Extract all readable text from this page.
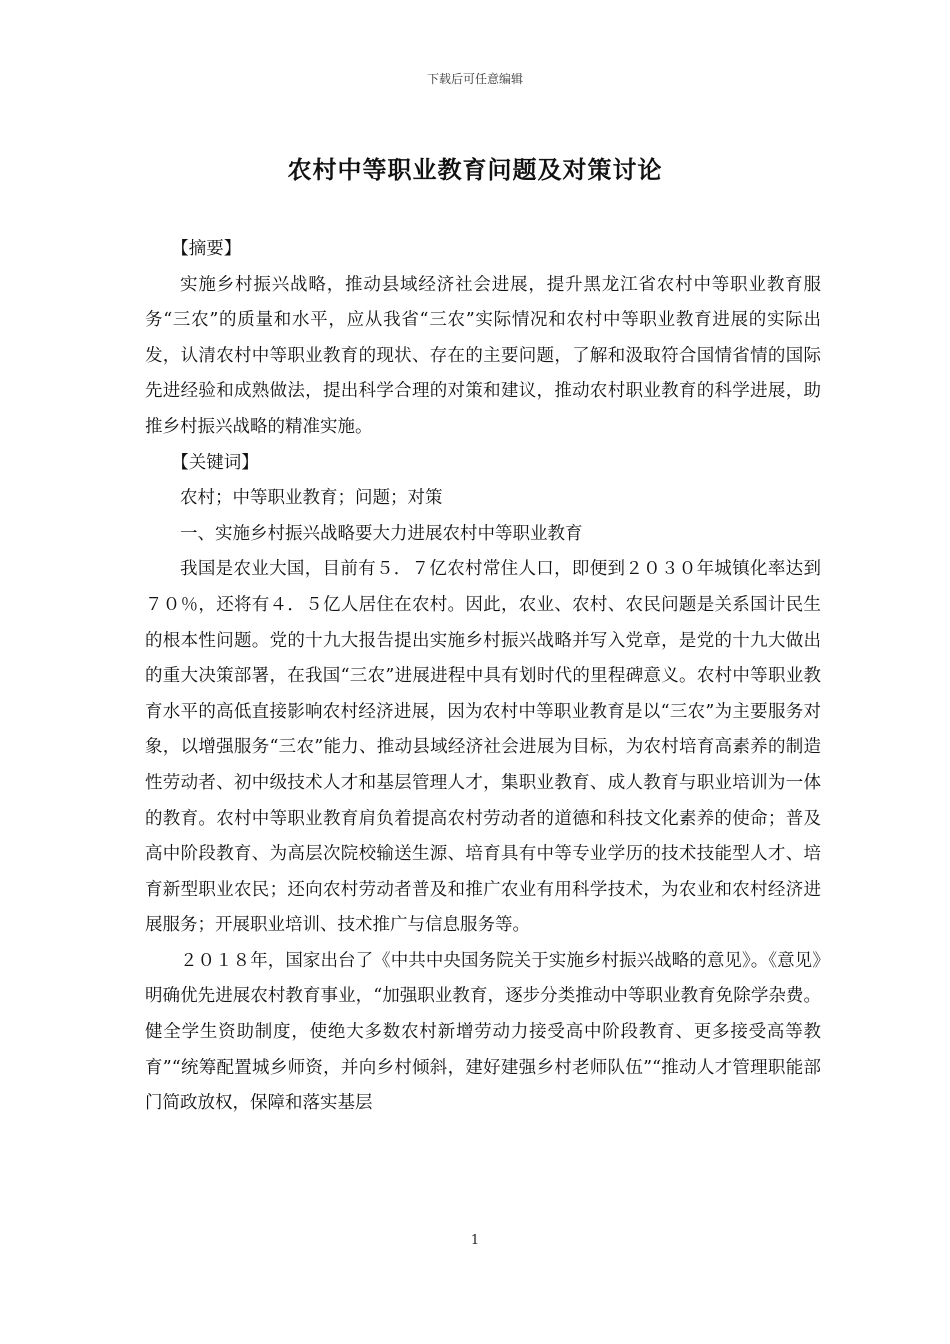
下载后可任意编辑
农村中等职业教育问题及对策讨论

【摘要】

实施乡村振兴战略，推动县域经济社会进展，提升黑龙江省农村中等职业教育服务“三农”的质量和水平，应从我省“三农”实际情况和农村中等职业教育进展的实际出发，认清农村中等职业教育的现状、存在的主要问题，了解和汲取符合国情省情的国际先进经验和成熟做法，提出科学合理的对策和建议，推动农村职业教育的科学进展，助推乡村振兴战略的精准实施。

【关键词】

农村；中等职业教育；问题；对策

一、实施乡村振兴战略要大力进展农村中等职业教育

我国是农业大国，目前有５．７亿农村常住人口，即便到２０３０年城镇化率达到７０％，还将有４．５亿人居住在农村。因此，农业、农村、农民问题是关系国计民生的根本性问题。党的十九大报告提出实施乡村振兴战略并写入党章，是党的十九大做出的重大决策部署，在我国“三农”进展进程中具有划时代的里程碑意义。农村中等职业教育水平的高低直接影响农村经济进展，因为农村中等职业教育是以“三农”为主要服务对象，以增强服务“三农”能力、推动县域经济社会进展为目标，为农村培育高素养的制造性劳动者、初中级技术人才和基层管理人才，集职业教育、成人教育与职业培训为一体的教育。农村中等职业教育肩负着提高农村劳动者的道德和科技文化素养的使命；普及高中阶段教育、为高层次院校输送生源、培育具有中等专业学历的技术技能型人才、培育新型职业农民；还向农村劳动者普及和推广农业有用科学技术，为农业和农村经济进展服务；开展职业培训、技术推广与信息服务等。

２０１８年，国家出台了《中共中央国务院关于实施乡村振兴战略的意见》。《意见》明确优先进展农村教育事业，“加强职业教育，逐步分类推动中等职业教育免除学杂费。健全学生资助制度，使绝大多数农村新增劳动力接受高中阶段教育、更多接受高等教育”“统筹配置城乡师资，并向乡村倾斜，建好建强乡村老师队伍”“推动人才管理职能部门简政放权，保障和落实基层

1
